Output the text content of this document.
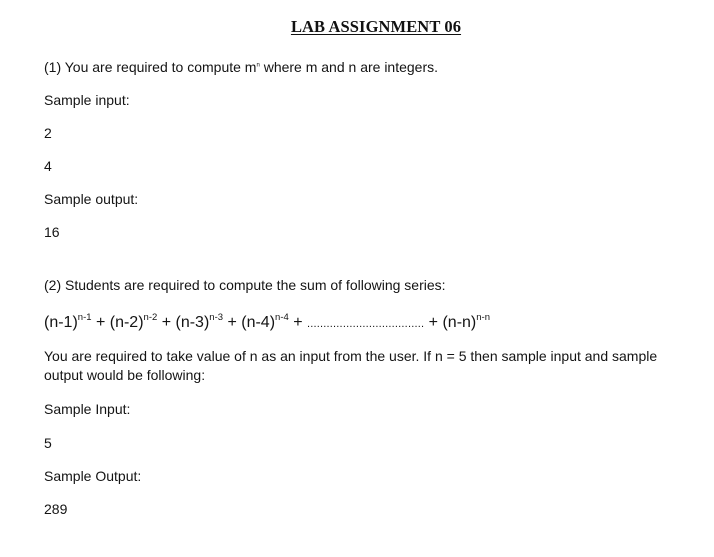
LAB ASSIGNMENT 06
(1) You are required to compute $m^n$ where m and n are integers.
Sample input:
2
4
Sample output:
16
(2) Students are required to compute the sum of following series:
$(n-1)^{n-1} + (n-2)^{n-2} + (n-3)^{n-3} + (n-4)^{n-4}$ + .................................... + $(n-n)^{n-n}$
You are required to take value of n as an input from the user. If n = 5 then sample input and sample output would be following:
Sample Input:
5
Sample Output:
289
